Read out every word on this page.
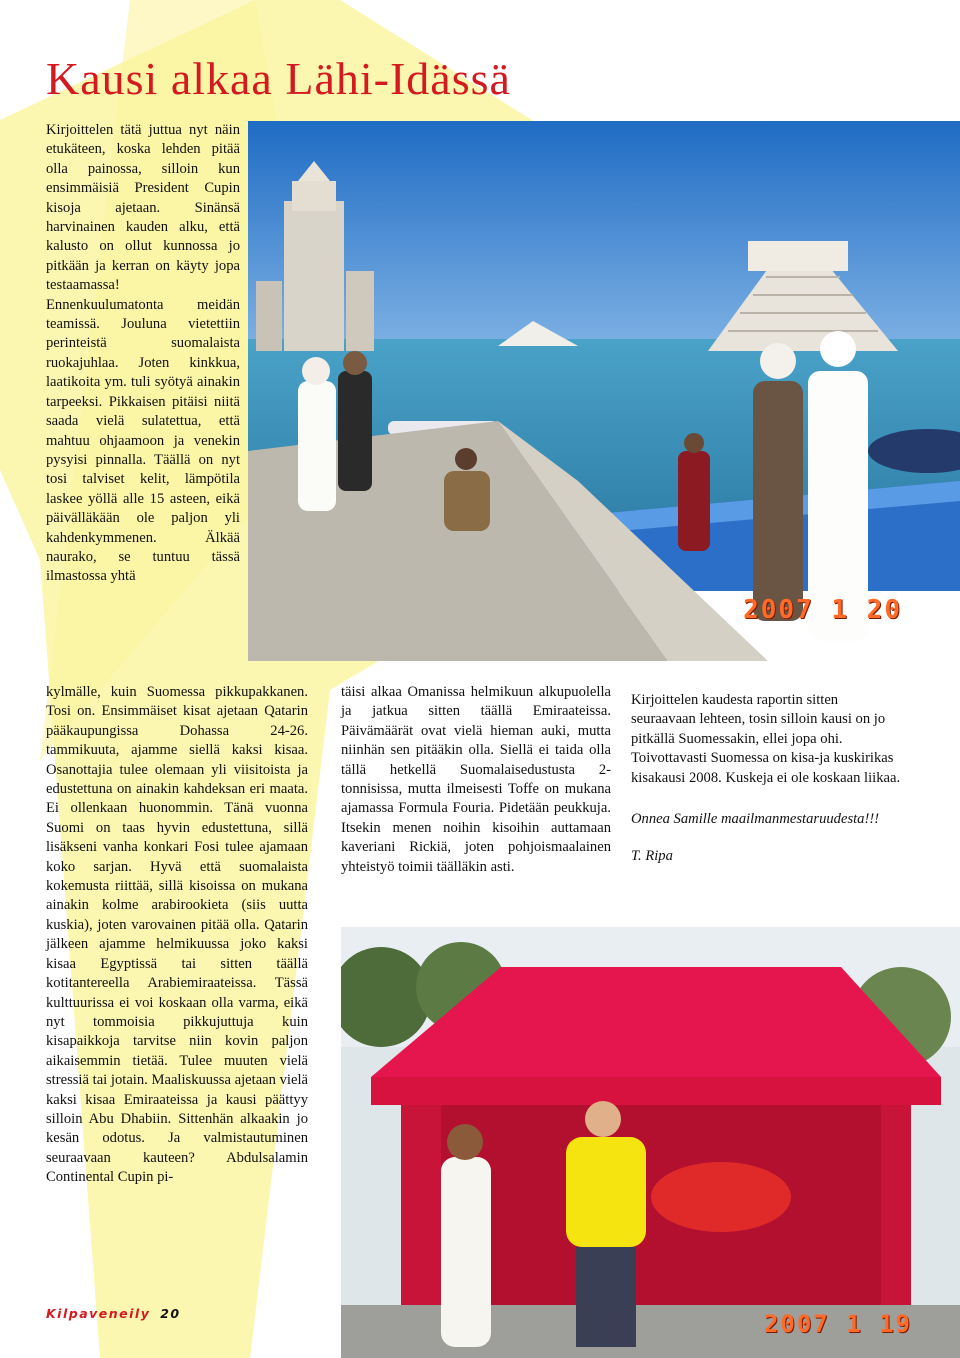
Kausi alkaa Lähi-Idässä

Kirjoittelen tätä juttua nyt näin etukäteen, koska lehden pitää olla painossa, silloin kun ensimmäisiä President Cupin kisoja ajetaan. Sinänsä harvinainen kauden alku, että kalusto on ollut kunnossa jo pitkään ja kerran on käyty jopa testaamassa! Ennenkuulumatonta meidän teamissä. Jouluna vietettiin perinteistä suomalaista ruokajuhlaa. Joten kinkkua, laatikoita ym. tuli syötyä ainakin tarpeeksi. Pikkaisen pitäisi niitä saada vielä sulatettua, että mahtuu ohjaamoon ja venekin pysyisi pinnalla. Täällä on nyt tosi talviset kelit, lämpötila laskee yöllä alle 15 asteen, eikä päivälläkään ole paljon yli kahdenkymmenen. Älkää naurako, se tuntuu tässä ilmastossa yhtä

2007 1 20

kylmälle, kuin Suomessa pikkupakkanen. Tosi on. Ensimmäiset kisat ajetaan Qatarin pääkaupungissa Dohassa 24-26. tammikuuta, ajamme siellä kaksi kisaa. Osanottajia tulee olemaan yli viisitoista ja edustettuna on ainakin kahdeksan eri maata. Ei ollenkaan huonommin. Tänä vuonna Suomi on taas hyvin edustettuna, sillä lisäkseni vanha konkari Fosi tulee ajamaan koko sarjan. Hyvä että suomalaista kokemusta riittää, sillä kisoissa on mukana ainakin kolme arabirookieta (siis uutta kuskia), joten varovainen pitää olla. Qatarin jälkeen ajamme helmikuussa joko kaksi kisaa Egyptissä tai sitten täällä kotitantereella Arabiemiraateissa. Tässä kulttuurissa ei voi koskaan olla varma, eikä nyt tommoisia pikkujuttuja kuin kisapaikkoja tarvitse niin kovin paljon aikaisemmin tietää. Tulee muuten vielä stressiä tai jotain. Maaliskuussa ajetaan vielä kaksi kisaa Emiraateissa ja kausi päättyy silloin Abu Dhabiin. Sittenhän alkaakin jo kesän odotus. Ja valmistautuminen seuraavaan kauteen? Abdulsalamin Continental Cupin pi-

täisi alkaa Omanissa helmikuun alkupuolella ja jatkua sitten täällä Emiraateissa. Päivämäärät ovat vielä hieman auki, mutta niinhän sen pitääkin olla. Siellä ei taida olla tällä hetkellä Suomalaisedustusta 2-tonnisissa, mutta ilmeisesti Toffe on mukana ajamassa Formula Fouria. Pidetään peukkuja. Itsekin menen noihin kisoihin auttamaan kaveriani Rickiä, joten pohjoismaalainen yhteistyö toimii täälläkin asti.

Kirjoittelen kaudesta raportin sitten seuraavaan lehteen, tosin silloin kausi on jo pitkällä Suomessakin, ellei jopa ohi. Toivottavasti Suomessa on kisa-ja kuskirikas kisakausi 2008. Kuskeja ei ole koskaan liikaa.

Onnea Samille maailmanmestaruudesta!!!

T. Ripa

2007 1 19
Kilpaveneily 20
